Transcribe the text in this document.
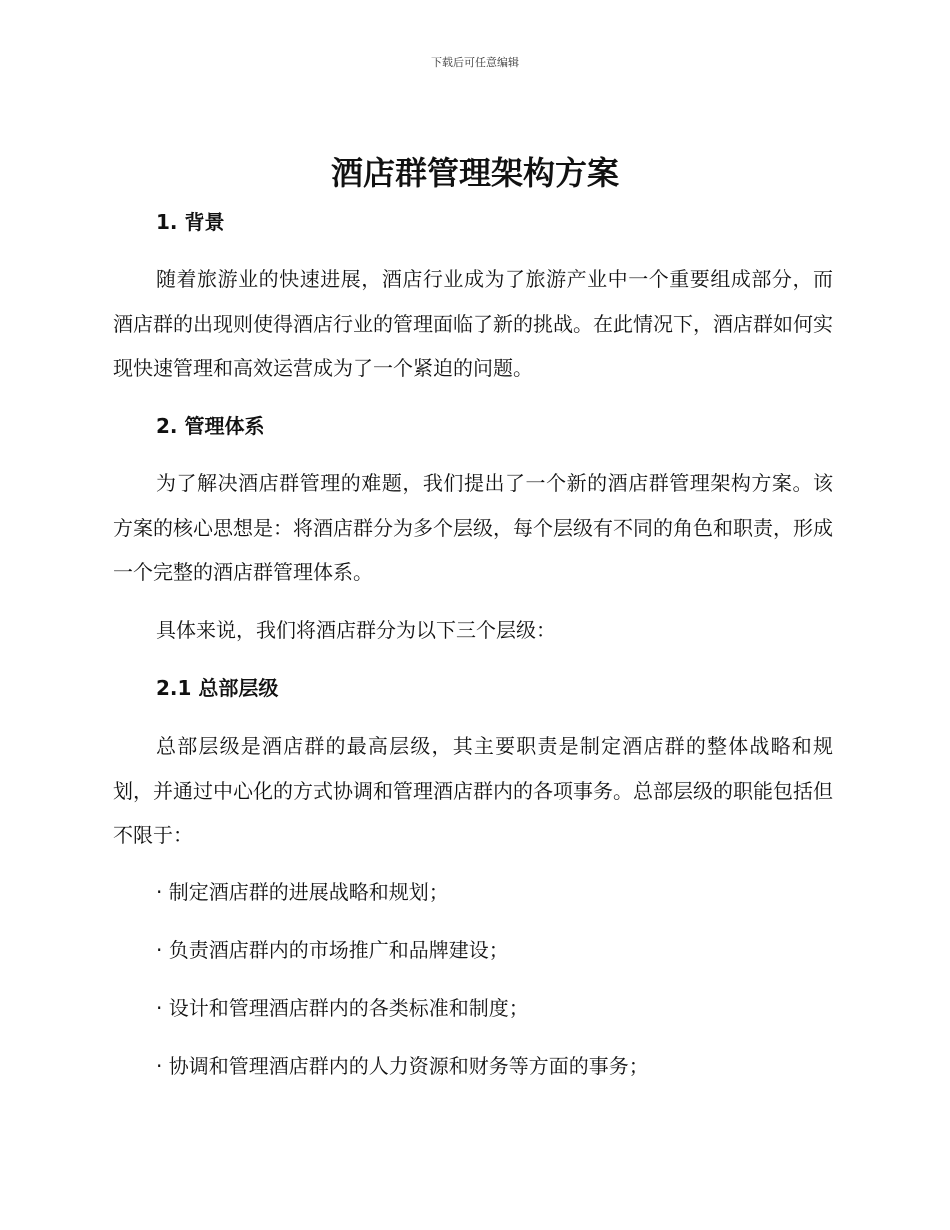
下载后可任意编辑
酒店群管理架构方案
1. 背景

随着旅游业的快速进展，酒店行业成为了旅游产业中一个重要组成部分，而酒店群的出现则使得酒店行业的管理面临了新的挑战。在此情况下，酒店群如何实现快速管理和高效运营成为了一个紧迫的问题。

2. 管理体系

为了解决酒店群管理的难题，我们提出了一个新的酒店群管理架构方案。该方案的核心思想是：将酒店群分为多个层级，每个层级有不同的角色和职责，形成一个完整的酒店群管理体系。

具体来说，我们将酒店群分为以下三个层级：

2.1 总部层级

总部层级是酒店群的最高层级，其主要职责是制定酒店群的整体战略和规划，并通过中心化的方式协调和管理酒店群内的各项事务。总部层级的职能包括但不限于：

· 制定酒店群的进展战略和规划；

· 负责酒店群内的市场推广和品牌建设；

· 设计和管理酒店群内的各类标准和制度；

· 协调和管理酒店群内的人力资源和财务等方面的事务；
